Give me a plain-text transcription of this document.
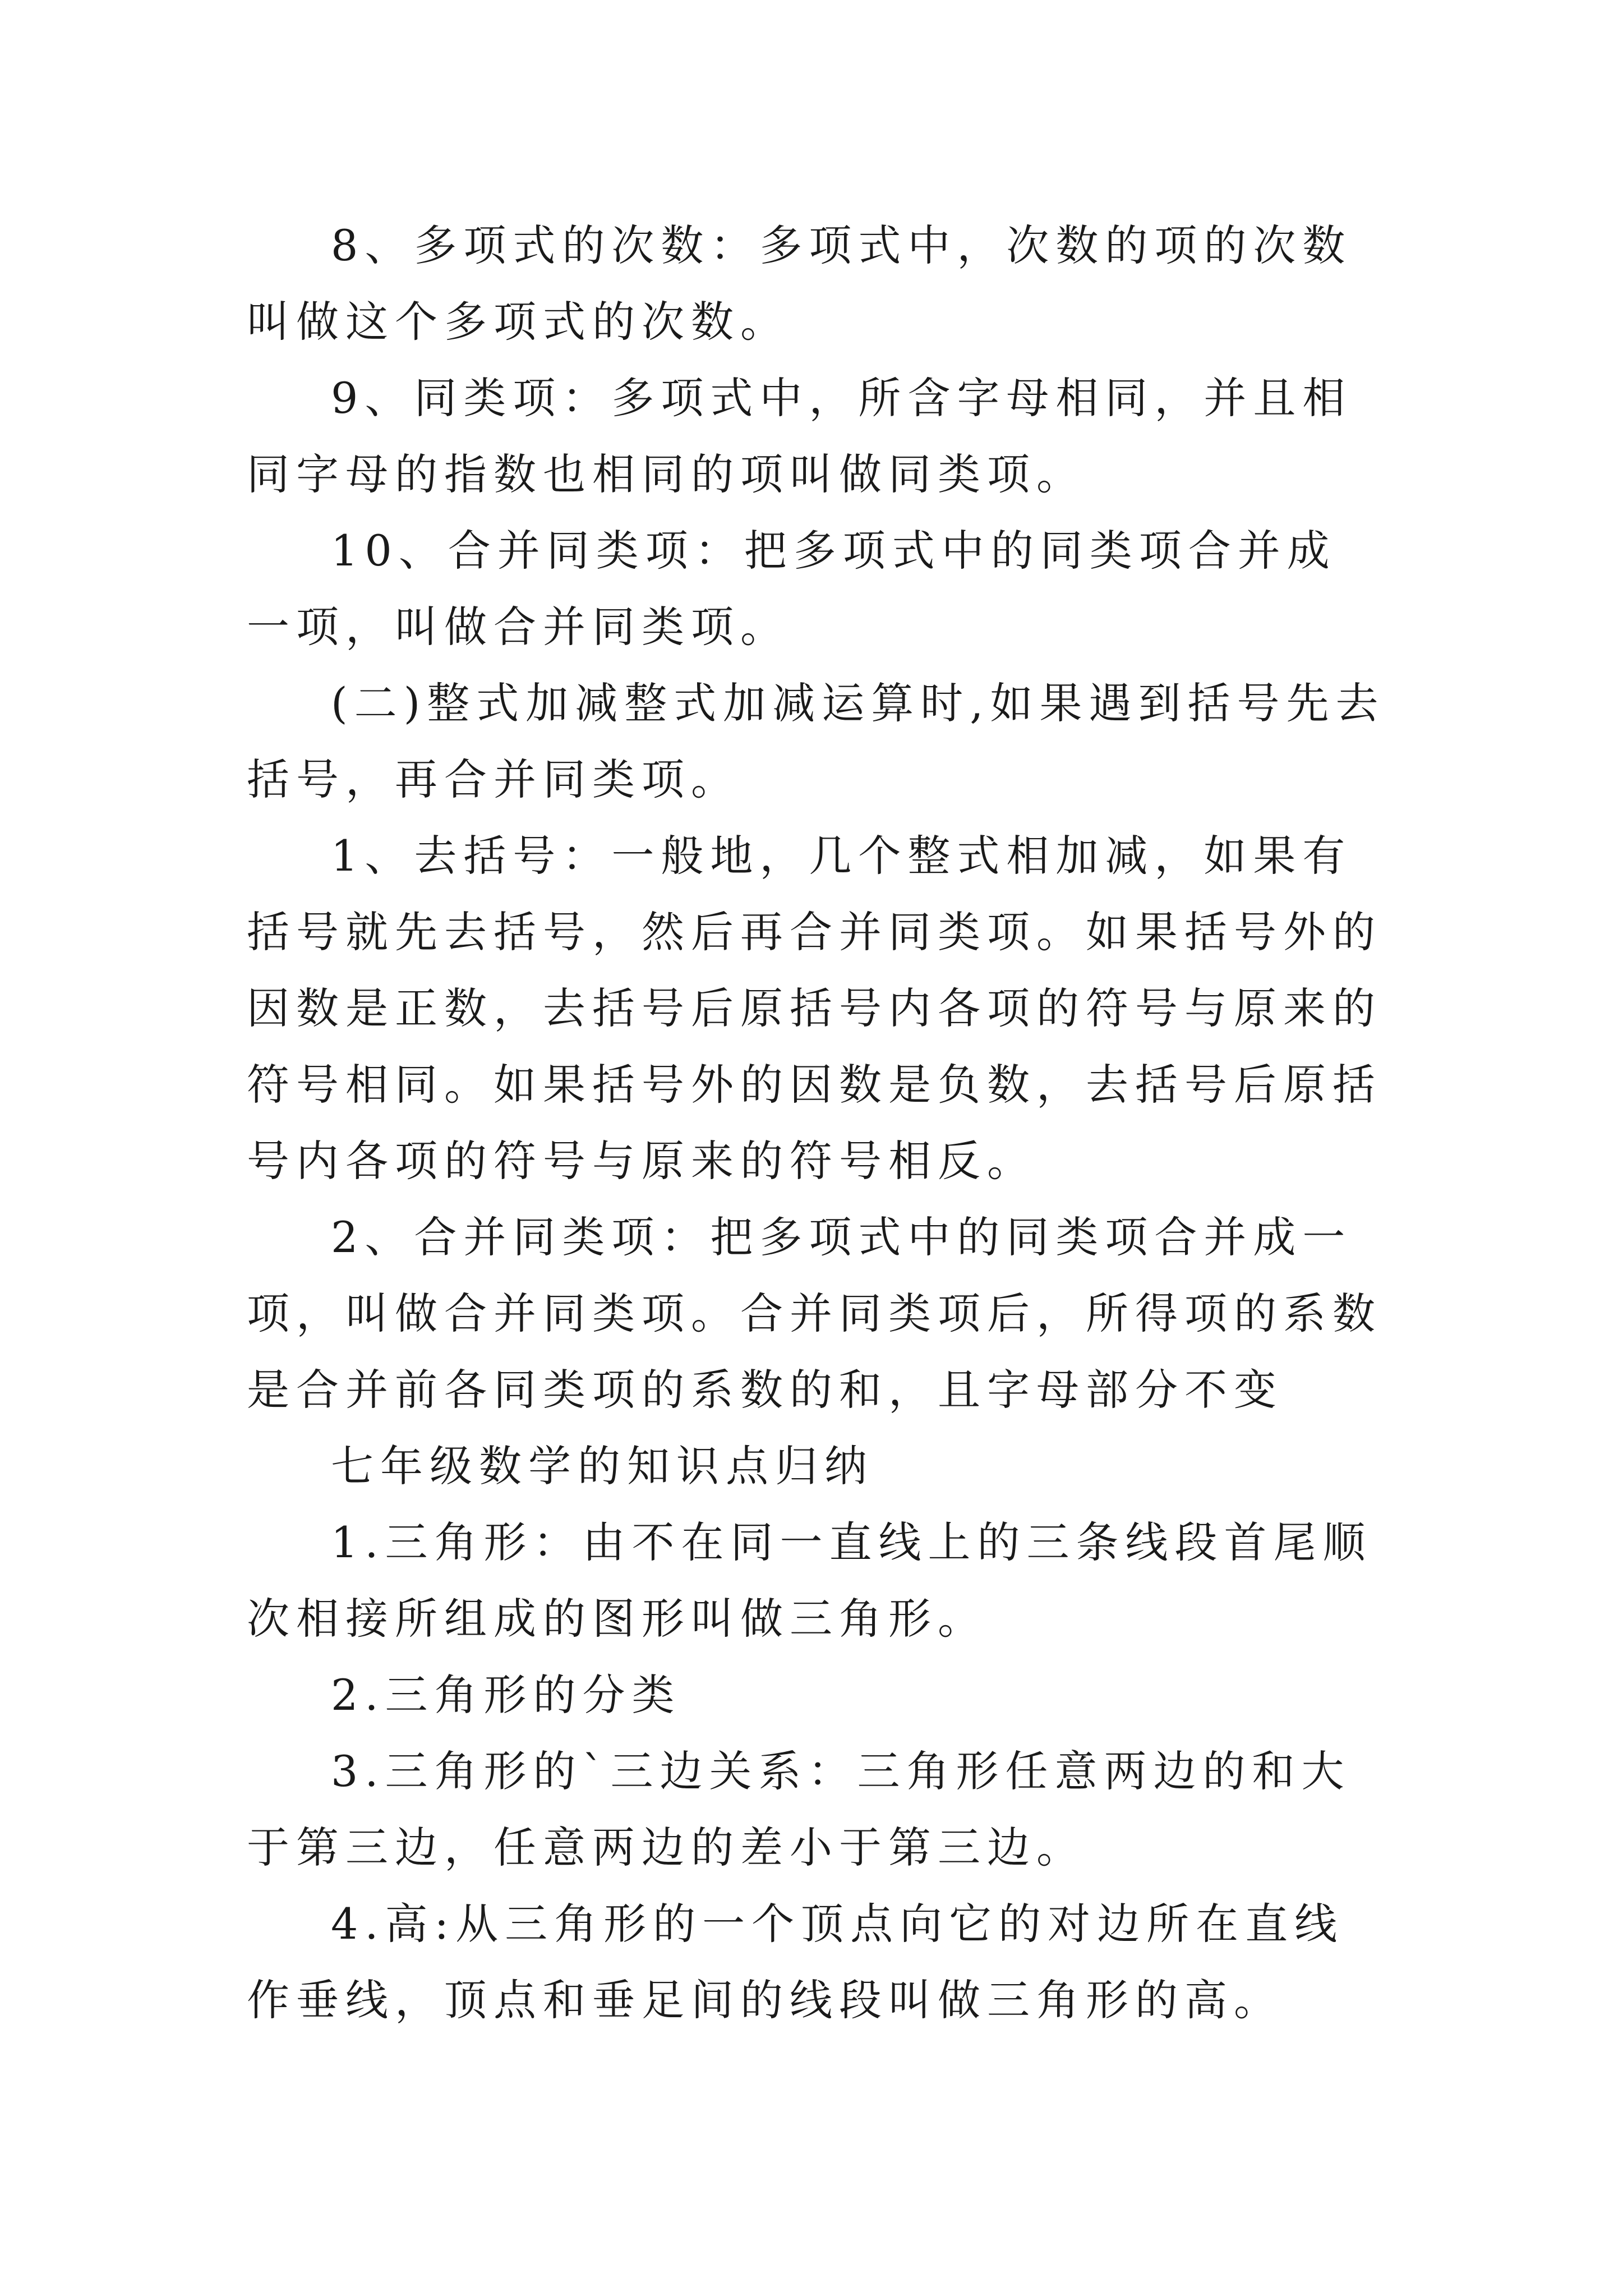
8、多项式的次数：多项式中，次数的项的次数叫做这个多项式的次数。

9、同类项：多项式中，所含字母相同，并且相同字母的指数也相同的项叫做同类项。

10、合并同类项：把多项式中的同类项合并成一项，叫做合并同类项。

(二)整式加减整式加减运算时,如果遇到括号先去括号，再合并同类项。

1、去括号：一般地，几个整式相加减，如果有括号就先去括号，然后再合并同类项。如果括号外的因数是正数，去括号后原括号内各项的符号与原来的符号相同。如果括号外的因数是负数，去括号后原括号内各项的符号与原来的符号相反。

2、合并同类项：把多项式中的同类项合并成一项，叫做合并同类项。合并同类项后，所得项的系数是合并前各同类项的系数的和，且字母部分不变

七年级数学的知识点归纳

1.三角形：由不在同一直线上的三条线段首尾顺次相接所组成的图形叫做三角形。

2.三角形的分类

3.三角形的`三边关系：三角形任意两边的和大于第三边，任意两边的差小于第三边。

4.高:从三角形的一个顶点向它的对边所在直线作垂线，顶点和垂足间的线段叫做三角形的高。
